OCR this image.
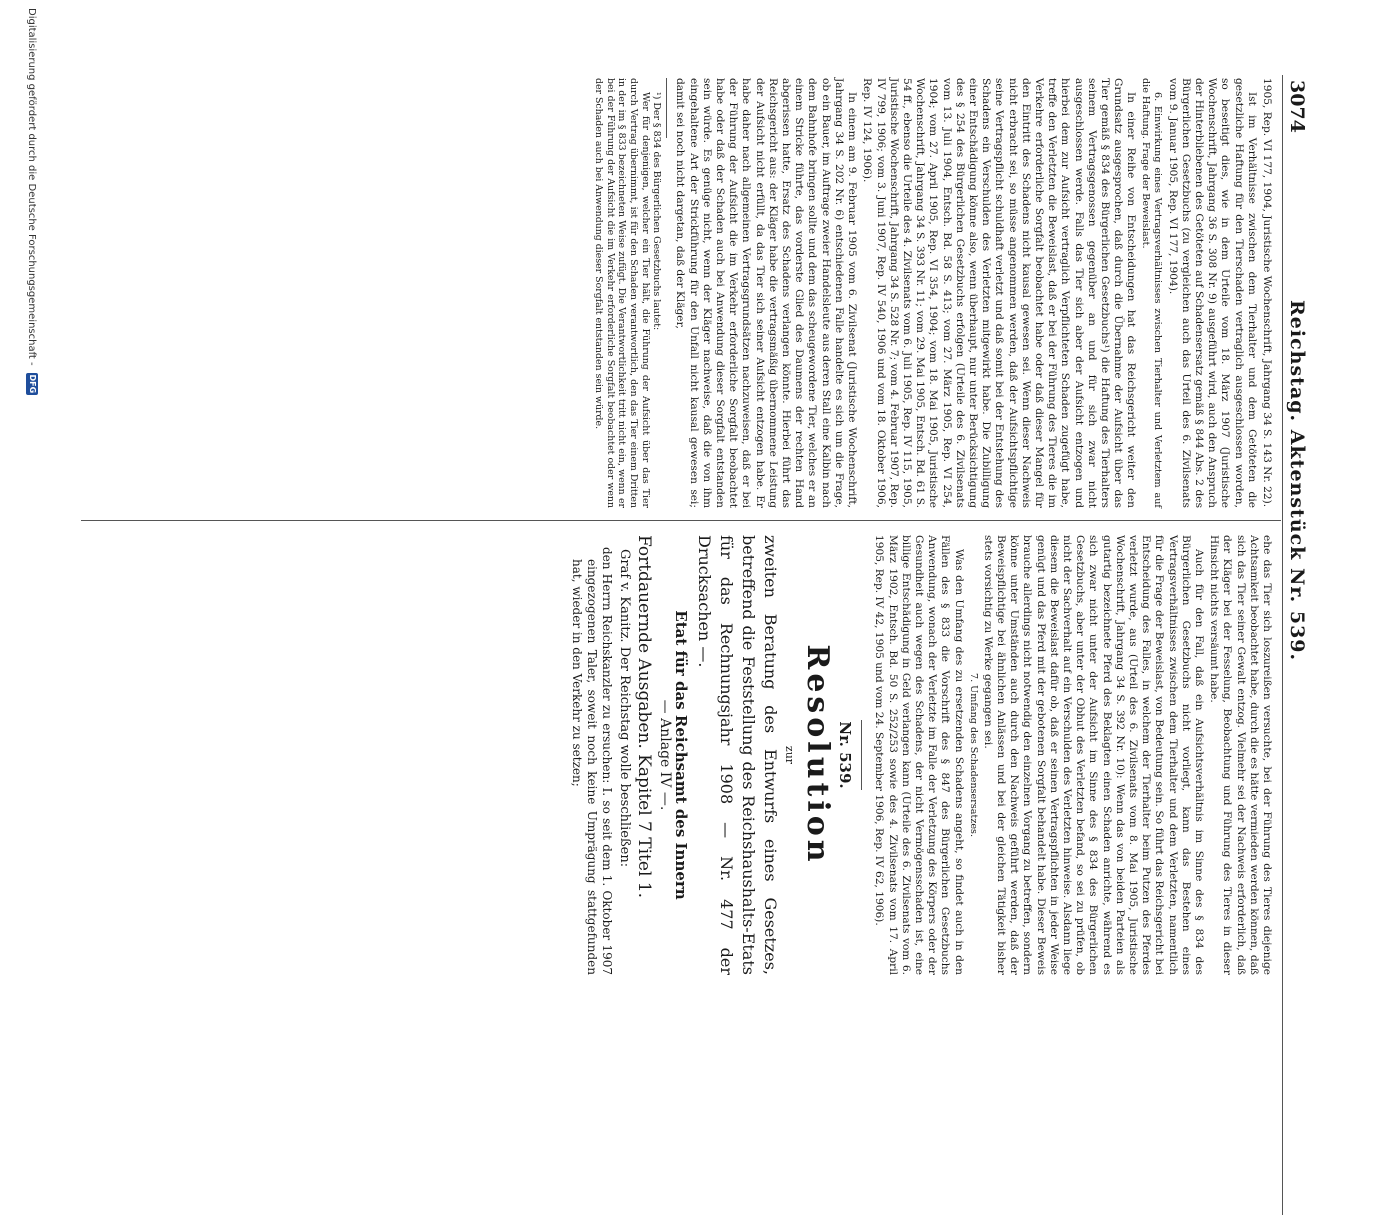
3074
Reichstag. Aktenstück Nr. 539.

1905, Rep. VI 177, 1904, Juristische Wochenschrift, Jahrgang 34 S. 143 Nr. 22).

Ist im Verhältnisse zwischen dem Tierhalter und dem Getöteten die gesetzliche Haftung für den Tierschaden vertraglich ausgeschlossen worden, so beseitigt dies, wie in dem Urteile vom 18. März 1907 (Juristische Wochenschrift, Jahrgang 36 S. 308 Nr. 9) ausgeführt wird, auch den Anspruch der Hinterbliebenen des Getöteten auf Schadensersatz gemäß § 844 Abs. 2 des Bürgerlichen Gesetzbuchs (zu vergleichen auch das Urteil des 6. Zivilsenats vom 9. Januar 1905, Rep. VI 177, 1904).

6. Einwirkung eines Vertragsverhältnisses zwischen Tierhalter und Verletztem auf die Haftung. Frage der Beweislast.

In einer Reihe von Entscheidungen hat das Reichsgericht weiter den Grundsatz ausgesprochen, daß durch die Übernahme der Aufsicht über das Tier gemäß § 834 des Bürgerlichen Gesetzbuchs¹) die Haftung des Tierhalters seinem Vertragsgenossen gegenüber an und für sich zwar nicht ausgeschlossen werde. Falls das Tier sich aber der Aufsicht entzogen und hierbei dem zur Aufsicht vertraglich Verpflichteten Schaden zugefügt habe, treffe den Verletzten die Beweislast, daß er bei der Führung des Tieres die im Verkehre erforderliche Sorgfalt beobachtet habe oder daß dieser Mangel für den Eintritt des Schadens nicht kausal gewesen sei. Wenn dieser Nachweis nicht erbracht sei, so müsse angenommen werden, daß der Aufsichtspflichtige seine Vertragspflicht schuldhaft verletzt und daß somit bei der Entstehung des Schadens ein Verschulden des Verletzten mitgewirkt habe. Die Zubilligung einer Entschädigung könne also, wenn überhaupt, nur unter Berücksichtigung des § 254 des Bürgerlichen Gesetzbuchs erfolgen (Urteile des 6. Zivilsenats vom 13. Juli 1904, Entsch. Bd. 58 S. 413; vom 27. März 1905, Rep. VI 254, 1904; vom 27. April 1905, Rep. VI 354, 1904; vom 18. Mai 1905, Juristische Wochenschrift, Jahrgang 34 S. 393 Nr. 11; vom 29. Mai 1905, Entsch. Bd. 61 S. 54 ff., ebenso die Urteile des 4. Zivilsenats vom 6. Juli 1905, Rep. IV 115, 1905, Juristische Wochenschrift, Jahrgang 34 S. 528 Nr. 7; vom 4. Februar 1907, Rep. IV 799, 1906; vom 3. Juni 1907, Rep. IV 540, 1906 und vom 18. Oktober 1906, Rep. IV 124, 1906).

In einem am 9. Februar 1905 vom 6. Zivilsenat (Juristische Wochenschrift, Jahrgang 34 S. 202 Nr. 6) entschiedenen Falle handelte es sich um die Frage, ob ein Bauer, im Auftrage zweier Handelsleute aus deren Stall eine Kalbin nach dem Bahnhofe bringen sollte und dem das scheugewordene Tier, welches er an einem Stricke führte, das vorderste Glied des Daumens der rechten Hand abgerissen hatte, Ersatz des Schadens verlangen könnte. Hierbei führt das Reichsgericht aus: der Kläger habe die vertragsmäßig übernommene Leistung der Aufsicht nicht erfüllt, da das Tier sich seiner Aufsicht entzogen habe. Er habe daher nach allgemeinen Vertragsgrundsätzen nachzuweisen, daß er bei der Führung der Aufsicht die im Verkehr erforderliche Sorgfalt beobachtet habe oder daß der Schaden auch bei Anwendung dieser Sorgfalt entstanden sein würde. Es genüge nicht, wenn der Kläger nachweise, daß die von ihm eingehaltene Art der Strickführung für den Unfall nicht kausal gewesen sei; damit sei noch nicht dargetan, daß der Kläger,

¹) Der § 834 des Bürgerlichen Gesetzbuchs lautet:

Wer für denjenigen, welcher ein Tier hält, die Führung der Aufsicht über das Tier durch Vertrag übernimmt, ist für den Schaden verantwortlich, den das Tier einem Dritten in der im § 833 bezeichneten Weise zufügt. Die Verantwortlichkeit tritt nicht ein, wenn er bei der Führung der Aufsicht die im Verkehr erforderliche Sorgfalt beobachtet oder wenn der Schaden auch bei Anwendung dieser Sorgfalt entstanden sein würde.

ehe das Tier sich loszureißen versuchte, bei der Führung des Tieres diejenige Achtsamkeit beobachtet habe, durch die es hätte vermieden werden können, daß sich das Tier seiner Gewalt entzog. Vielmehr sei der Nachweis erforderlich, daß der Kläger bei der Fesselung, Beobachtung und Führung des Tieres in dieser Hinsicht nichts versäumt habe.

Auch für den Fall, daß ein Aufsichtsverhältnis im Sinne des § 834 des Bürgerlichen Gesetzbuchs nicht vorliegt, kann das Bestehen eines Vertragsverhältnisses zwischen dem Tierhalter und dem Verletzten, namentlich für die Frage der Beweislast, von Bedeutung sein. So führt das Reichsgericht bei Entscheidung des Falles, in welchem der Tierhalter beim Putzen des Pferdes verletzt wurde, aus (Urteil des 6. Zivilsenats vom 8. Mai 1905, Juristische Wochenschrift, Jahrgang 34 S. 392 Nr. 10): Wenn das von beiden Parteien als gutartig bezeichnete Pferd des Beklagten einen Schaden anrichte, während es sich zwar nicht unter der Aufsicht im Sinne des § 834 des Bürgerlichen Gesetzbuchs, aber unter der Obhut des Verletzten befand, so sei zu prüfen, ob nicht der Sachverhalt auf ein Verschulden des Verletzten hinweise. Alsdann liege diesem die Beweislast dafür ob, daß er seinen Vertragspflichten in jeder Weise genügt und das Pferd mit der gebotenen Sorgfalt behandelt habe. Dieser Beweis brauche allerdings nicht notwendig den einzelnen Vorgang zu betreffen, sondern könne unter Umständen auch durch den Nachweis geführt werden, daß der Beweispflichtige bei ähnlichen Anlässen und bei der gleichen Tätigkeit bisher stets vorsichtig zu Werke gegangen sei.

7. Umfang des Schadensersatzes.

Was den Umfang des zu ersetzenden Schadens angeht, so findet auch in den Fällen des § 833 die Vorschrift des § 847 des Bürgerlichen Gesetzbuchs Anwendung, wonach der Verletzte im Falle der Verletzung des Körpers oder der Gesundheit auch wegen des Schadens, der nicht Vermögensschaden ist, eine billige Entschädigung in Geld verlangen kann (Urteile des 6. Zivilsenats vom 6. März 1902, Entsch. Bd. 50 S. 252/253 sowie des 4. Zivilsenats vom 17. April 1905, Rep. IV 42, 1905 und vom 24. September 1906, Rep. IV 62, 1906).

Nr. 539.

Resolution

zur

zweiten Beratung des Entwurfs eines Gesetzes, betreffend die Feststellung des Reichshaushalts-Etats für das Rechnungsjahr 1908 — Nr. 477 der Drucksachen —.

Etat für das Reichsamt des Innern

— Anlage IV —.

Fortdauernde Ausgaben. Kapitel 7 Titel 1.

Graf v. Kanitz. Der Reichstag wolle beschließen:

den Herrn Reichskanzler zu ersuchen: I. so seit dem 1. Oktober 1907 eingezogenen Taler, soweit noch keine Umprägung stattgefunden hat, wieder in den Verkehr zu setzen;

Digitalisierung gefördert durch die Deutsche Forschungsgemeinschaft - DFG
